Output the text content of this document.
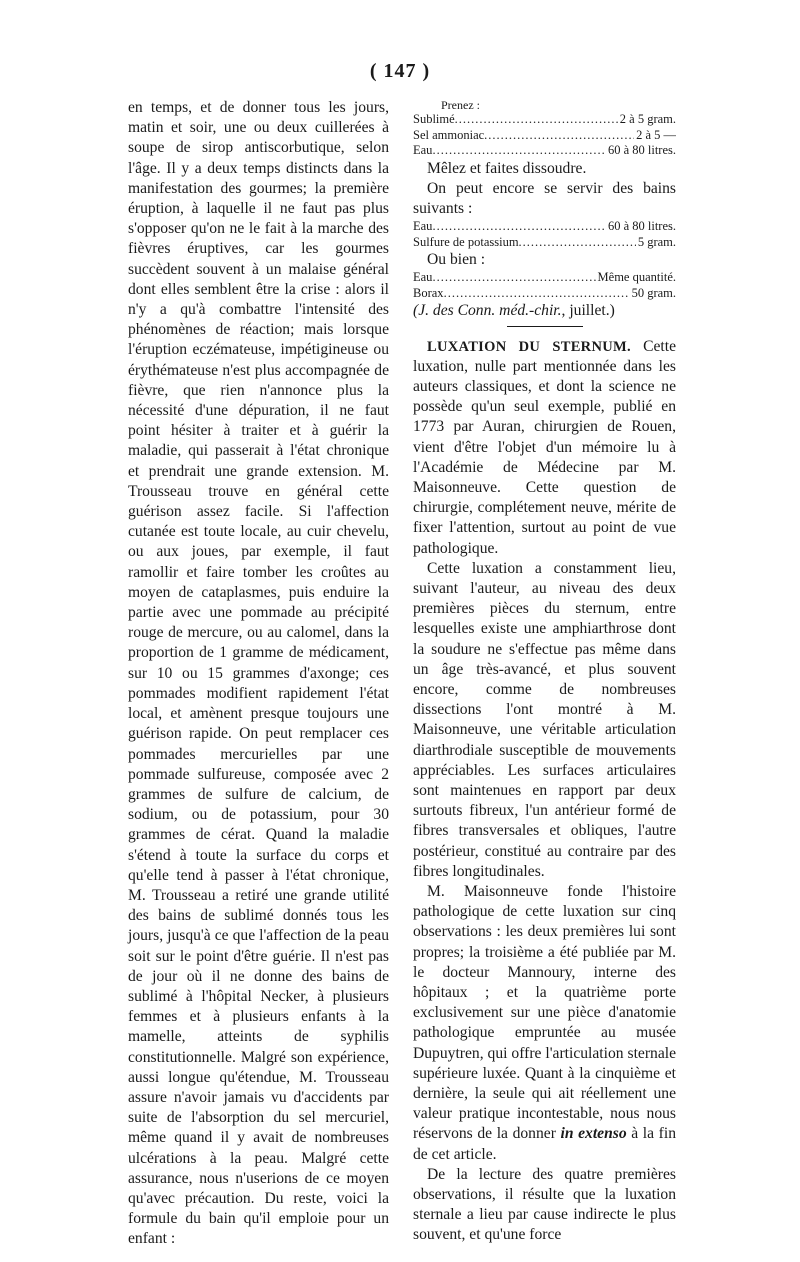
( 147 )

en temps, et de donner tous les jours, matin et soir, une ou deux cuillerées à soupe de sirop antiscorbutique, selon l'âge. Il y a deux temps distincts dans la manifestation des gourmes; la première éruption, à laquelle il ne faut pas plus s'opposer qu'on ne le fait à la marche des fièvres éruptives, car les gourmes succèdent souvent à un malaise général dont elles semblent être la crise : alors il n'y a qu'à combattre l'intensité des phénomènes de réaction; mais lorsque l'éruption eczémateuse, impétigineuse ou érythémateuse n'est plus accompagnée de fièvre, que rien n'annonce plus la nécessité d'une dépuration, il ne faut point hésiter à traiter et à guérir la maladie, qui passerait à l'état chronique et prendrait une grande extension. M. Trousseau trouve en général cette guérison assez facile. Si l'affection cutanée est toute locale, au cuir chevelu, ou aux joues, par exemple, il faut ramollir et faire tomber les croûtes au moyen de cataplasmes, puis enduire la partie avec une pommade au précipité rouge de mercure, ou au calomel, dans la proportion de 1 gramme de médicament, sur 10 ou 15 grammes d'axonge; ces pommades modifient rapidement l'état local, et amènent presque toujours une guérison rapide. On peut remplacer ces pommades mercurielles par une pommade sulfureuse, composée avec 2 grammes de sulfure de calcium, de sodium, ou de potassium, pour 30 grammes de cérat. Quand la maladie s'étend à toute la surface du corps et qu'elle tend à passer à l'état chronique, M. Trousseau a retiré une grande utilité des bains de sublimé donnés tous les jours, jusqu'à ce que l'affection de la peau soit sur le point d'être guérie. Il n'est pas de jour où il ne donne des bains de sublimé à l'hôpital Necker, à plusieurs femmes et à plusieurs enfants à la mamelle, atteints de syphilis constitutionnelle. Malgré son expérience, aussi longue qu'étendue, M. Trousseau assure n'avoir jamais vu d'accidents par suite de l'absorption du sel mercuriel, même quand il y avait de nombreuses ulcérations à la peau. Malgré cette assurance, nous n'userions de ce moyen qu'avec précaution. Du reste, voici la formule du bain qu'il emploie pour un enfant :

Prenez :
Sublimé .....	2 à 5 gram.
Sel ammoniac .....	2 à 5 —
Eau .....	60 à 80 litres.

Mêlez et faites dissoudre.

On peut encore se servir des bains suivants :

Eau .....	60 à 80 litres.
Sulfure de potassium .....	5 gram.

Ou bien :

Eau .....	Même quantité.
Borax .....	50 gram.

(J. des Conn. méd.-chir., juillet.)

LUXATION DU STERNUM. Cette luxation, nulle part mentionnée dans les auteurs classiques, et dont la science ne possède qu'un seul exemple, publié en 1773 par Auran, chirurgien de Rouen, vient d'être l'objet d'un mémoire lu à l'Académie de Médecine par M. Maisonneuve. Cette question de chirurgie, complétement neuve, mérite de fixer l'attention, surtout au point de vue pathologique.

Cette luxation a constamment lieu, suivant l'auteur, au niveau des deux premières pièces du sternum, entre lesquelles existe une amphiarthrose dont la soudure ne s'effectue pas même dans un âge très-avancé, et plus souvent encore, comme de nombreuses dissections l'ont montré à M. Maisonneuve, une véritable articulation diarthrodiale susceptible de mouvements appréciables. Les surfaces articulaires sont maintenues en rapport par deux surtouts fibreux, l'un antérieur formé de fibres transversales et obliques, l'autre postérieur, constitué au contraire par des fibres longitudinales.

M. Maisonneuve fonde l'histoire pathologique de cette luxation sur cinq observations : les deux premières lui sont propres; la troisième a été publiée par M. le docteur Mannoury, interne des hôpitaux ; et la quatrième porte exclusivement sur une pièce d'anatomie pathologique empruntée au musée Dupuytren, qui offre l'articulation sternale supérieure luxée. Quant à la cinquième et dernière, la seule qui ait réellement une valeur pratique incontestable, nous nous réservons de la donner in extenso à la fin de cet article.

De la lecture des quatre premières observations, il résulte que la luxation sternale a lieu par cause indirecte le plus souvent, et qu'une force
